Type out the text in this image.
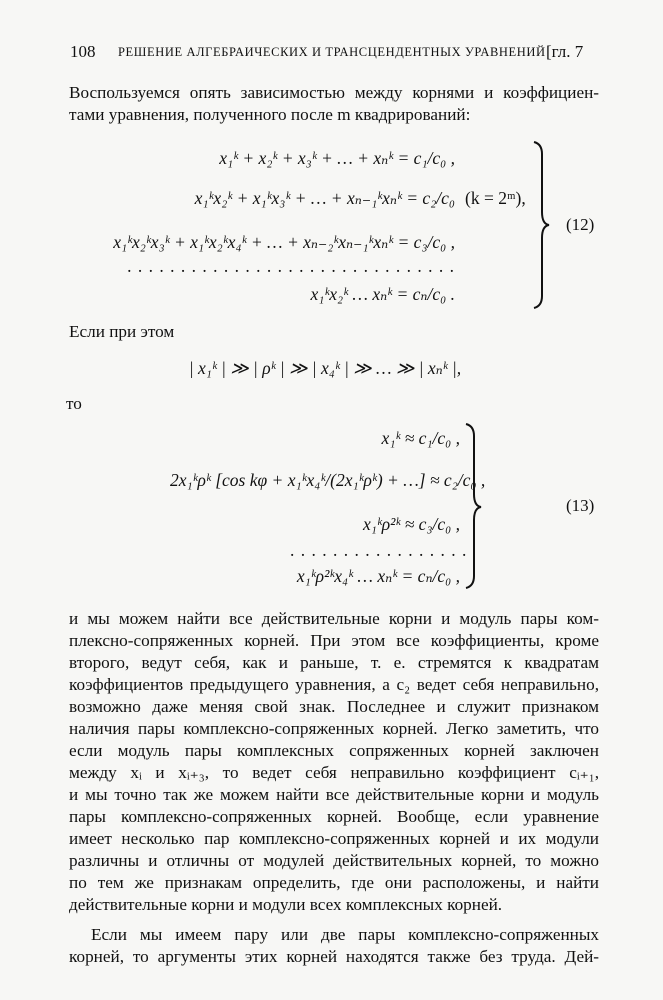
108 РЕШЕНИЕ АЛГЕБРАИЧЕСКИХ И ТРАНСЦЕНДЕНТНЫХ УРАВНЕНИЙ [гл. 7
Воспользуемся опять зависимостью между корнями и коэффициен-
тами уравнения, полученного после m квадрирований:
x₁ᵏ + x₂ᵏ + x₃ᵏ + … + xₙᵏ = c₁/c₀ ,
x₁ᵏx₂ᵏ + x₁ᵏx₃ᵏ + … + xₙ₋₁ᵏxₙᵏ = c₂/c₀ (k = 2ᵐ),
x₁ᵏx₂ᵏx₃ᵏ + x₁ᵏx₂ᵏx₄ᵏ + … + xₙ₋₂ᵏxₙ₋₁ᵏxₙᵏ = c₃/c₀ ,
. . . . . . . . . . . . . . . . . . . . . . . . . . . . . . .
x₁ᵏx₂ᵏ … xₙᵏ = cₙ/c₀ .
(12)
Если при этом
| x₁ᵏ | ≫ | ρᵏ | ≫ | x₄ᵏ | ≫ … ≫ | xₙᵏ |,
то
x₁ᵏ ≈ c₁/c₀ ,
2x₁ᵏρᵏ [cos kφ + x₁ᵏx₄ᵏ/(2x₁ᵏρᵏ) + …] ≈ c₂/c₀ ,
x₁ᵏρ²ᵏ ≈ c₃/c₀ ,
. . . . . . . . . . . . . . . . .
x₁ᵏρ²ᵏx₄ᵏ … xₙᵏ = cₙ/c₀ ,
(13)
и мы можем найти все действительные корни и модуль пары ком-
плексно-сопряженных корней. При этом все коэффициенты, кроме
второго, ведут себя, как и раньше, т. е. стремятся к квадратам
коэффициентов предыдущего уравнения, а c₂ ведет себя неправильно,
возможно даже меняя свой знак. Последнее и служит признаком
наличия пары комплексно-сопряженных корней. Легко заметить, что
если модуль пары комплексных сопряженных корней заключен
между xᵢ и xᵢ₊₃, то ведет себя неправильно коэффициент cᵢ₊₁,
и мы точно так же можем найти все действительные корни и модуль
пары комплексно-сопряженных корней. Вообще, если уравнение
имеет несколько пар комплексно-сопряженных корней и их модули
различны и отличны от модулей действительных корней, то можно
по тем же признакам определить, где они расположены, и найти
действительные корни и модули всех комплексных корней.
Если мы имеем пару или две пары комплексно-сопряженных
корней, то аргументы этих корней находятся также без труда. Дей-
